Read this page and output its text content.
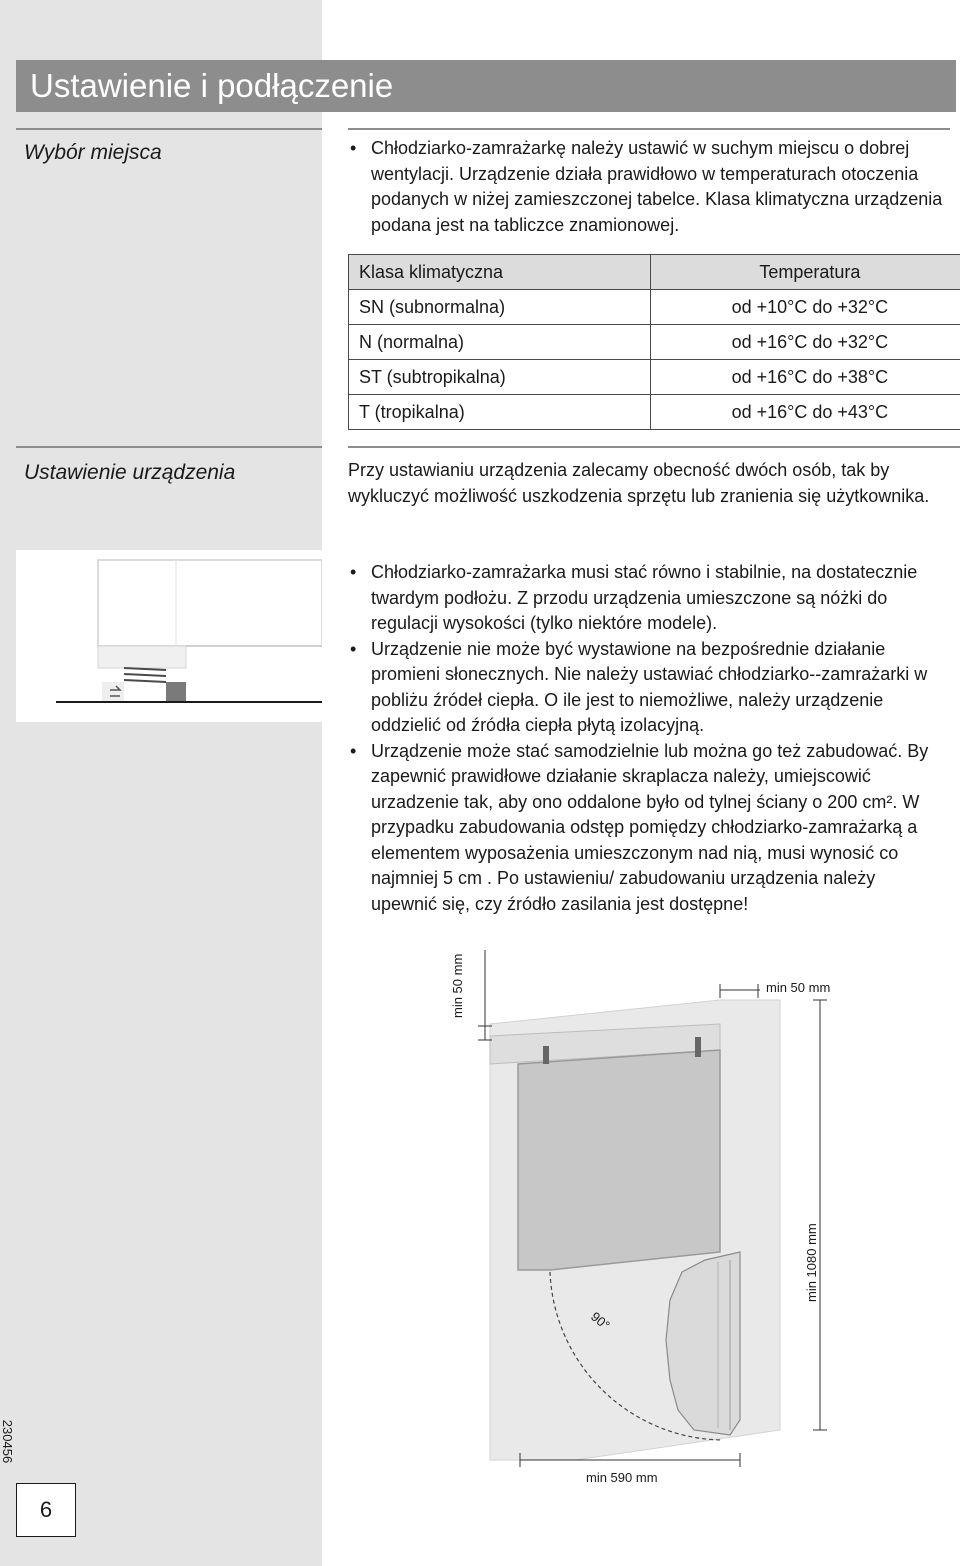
Ustawienie i podłączenie

Wybór miejsca	• Chłodziarko-zamrażarkę należy ustawić w suchym miejscu o dobrej wentylacji. Urządzenie działa prawidłowo w temperaturach otoczenia podanych w niżej zamieszczonej tabelce. Klasa klimatyczna urządzenia podana jest na tabliczce znamionowej.
Klasa klimatyczna	Temperatura
SN (subnormalna)	od +10°C do +32°C
N (normalna)	od +16°C do +32°C
ST (subtropikalna)	od +16°C do +38°C
T (tropikalna)	od +16°C do +43°C

Ustawienie urządzenia	Przy ustawianiu urządzenia zalecamy obecność dwóch osób, tak by wykluczyć możliwość uszkodzenia sprzętu lub zranienia się użytkownika.

• Chłodziarko-zamrażarka musi stać równo i stabilnie, na dostatecznie twardym podłożu. Z przodu urządzenia umieszczone są nóżki do regulacji wysokości (tylko niektóre modele).
• Urządzenie nie może być wystawione na bezpośrednie działanie promieni słonecznych. Nie należy ustawiać chłodziarko--zamrażarki w pobliżu źródeł ciepła. O ile jest to niemożliwe, należy urządzenie oddzielić od źródła ciepła płytą izolacyjną.
• Urządzenie może stać samodzielnie lub można go też zabudować. By zapewnić prawidłowe działanie skraplacza należy, umiejscowić urzadzenie tak, aby ono oddalone było od tylnej ściany o 200 cm². W przypadku zabudowania odstęp pomiędzy chłodziarko-zamrażarką a elementem wyposażenia umieszczonym nad nią, musi wynosić co najmniej 5 cm . Po ustawieniu/ zabudowaniu urządzenia należy upewnić się, czy źródło zasilania jest dostępne!
min 50 mm	min 50 mm
min 1080 mm
min 590 mm
90°
230456
6
